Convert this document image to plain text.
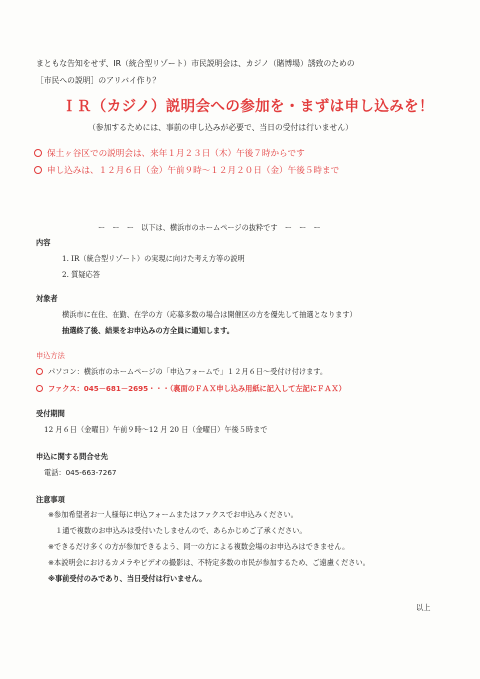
まともな告知をせず、IR（統合型リゾート）市民説明会は、カジノ（賭博場）誘致のための
［市民への説明］のアリバイ作り？
ＩＲ（カジノ）説明会への参加を・まずは申し込みを！
（参加するためには、事前の申し込みが必要で、当日の受付は行いません）
保土ヶ谷区での説明会は、来年１月２３日（木）午後７時からです
申し込みは、１２月６日（金）午前９時～１２月２０日（金）午後５時まで
ー　ー　ー　以下は、横浜市のホームページの抜粋です　ー　ー　ー
内容
1. IR（統合型リゾート）の実現に向けた考え方等の説明
2. 質疑応答
対象者
横浜市に在住、在勤、在学の方（応募多数の場合は開催区の方を優先して抽選となります）
抽選終了後、結果をお申込みの方全員に通知します。
申込方法
パソコン：横浜市のホームページの「申込フォームで」１２月６日～受付け付けます。
ファクス：045－681－2695・・・（裏面のＦＡＸ申し込み用紙に記入して左記にＦＡＸ）
受付期間
12 月６日（金曜日）午前９時～12 月 20 日（金曜日）午後５時まで
申込に関する問合せ先
電話：045-663-7267
注意事項
※参加希望者お一人様毎に申込フォームまたはファクスでお申込みください。
　１通で複数のお申込みは受付いたしませんので、あらかじめご了承ください。
※できるだけ多くの方が参加できるよう、同一の方による複数会場のお申込みはできません。
※本説明会におけるカメラやビデオの撮影は、不特定多数の市民が参加するため、ご遠慮ください。
※事前受付のみであり、当日受付は行いません。
以上
